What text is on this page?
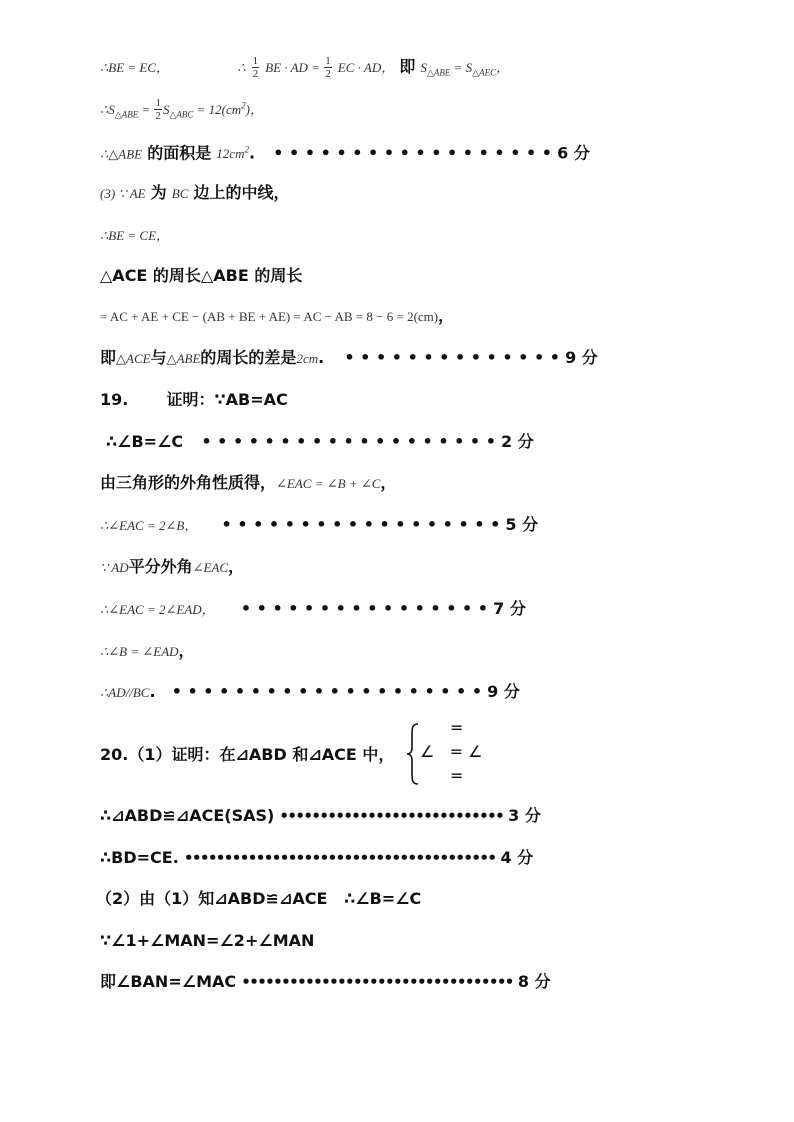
∴BE = EC，	∴ $\frac{1}{2}$ BE · AD = $\frac{1}{2}$ EC · AD， 即 $S_{\triangle ABE} = S_{\triangle AEC}$，
$\therefore S_{\triangle ABE} = \frac{1}{2} S_{\triangle ABC} = 12(cm^2)$，
∴△ABE 的面积是 $12cm^2$. • • • • • • • • • • • • • • • • • • 6 分
(3) ∵ AE 为 BC 边上的中线，
∴BE = CE，
△ACE 的周长△ABE 的周长
= AC + AE + CE − (AB + BE + AE) = AC − AB = 8 − 6 = 2(cm)，
即△ACE与△ABE的周长的差是2cm. • • • • • • • • • • • • • • 9 分
19. 证明：∵AB=AC
∴∠B=∠C • • • • • • • • • • • • • • • • • • • 2 分
由三角形的外角性质得，∠EAC = ∠B + ∠C，
∴∠EAC = 2∠B， • • • • • • • • • • • • • • • • • • 5 分
∵ AD平分外角∠EAC，
∴∠EAC = 2∠EAD， • • • • • • • • • • • • • • • • 7 分
∴∠B = ∠EAD，
∴AD//BC. • • • • • • • • • • • • • • • • • • • • 9 分
20.（1）证明：在⊿ABD 和⊿ACE 中，
=
∠   = ∠
=
∴⊿ABD≌⊿ACE(SAS) •••••••••••••••••••••••••••• 3 分
∴BD=CE. ••••••••••••••••••••••••••••••••••••••• 4 分
（2）由（1）知⊿ABD≌⊿ACE   ∴∠B=∠C
∵∠1+∠MAN=∠2+∠MAN
即∠BAN=∠MAC •••••••••••••••••••••••••••••••••• 8 分
